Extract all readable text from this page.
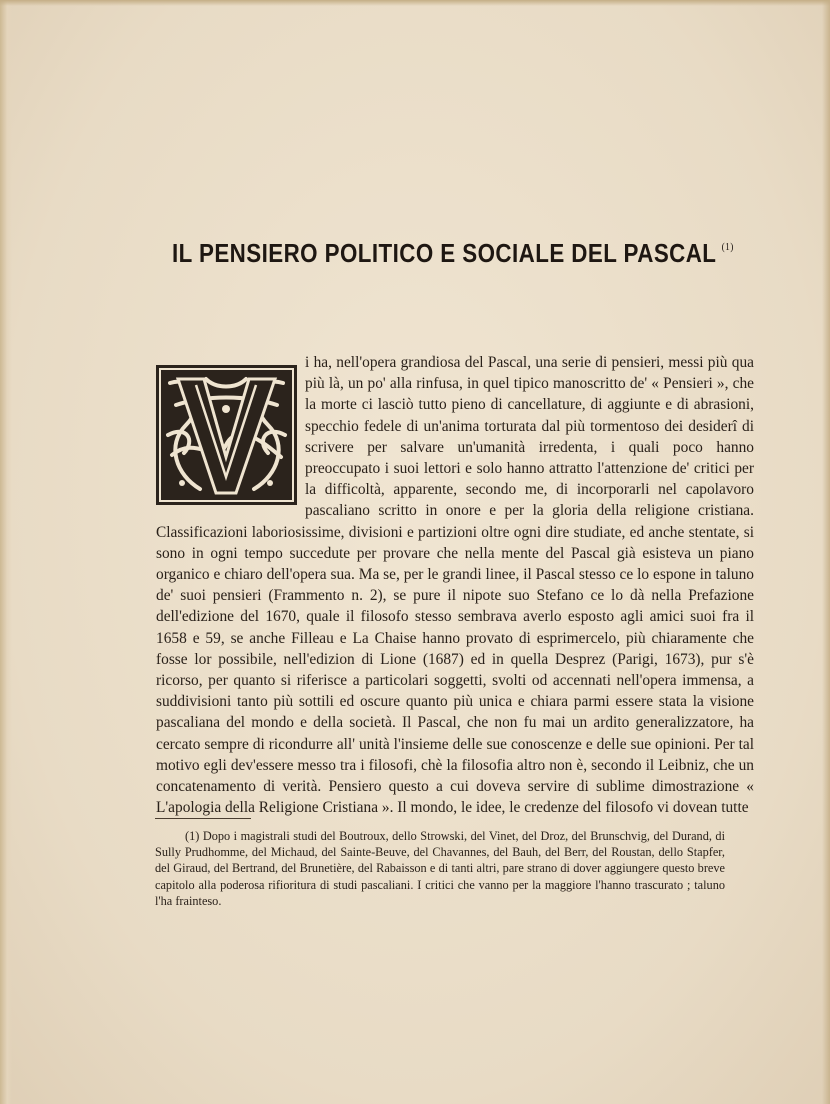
IL PENSIERO POLITICO E SOCIALE DEL PASCAL $^{(1)}$
i ha, nell'opera grandiosa del Pascal, una serie di pensieri, messi più qua più là, un po' alla rinfusa, in quel tipico manoscritto de' « Pensieri », che la morte ci lasciò tutto pieno di cancellature, di aggiunte e di abrasioni, specchio fedele di un'anima torturata dal più tormentoso dei desiderî di scrivere per salvare un'umanità irredenta, i quali poco hanno preoccupato i suoi lettori e solo hanno attratto l'attenzione de' critici per la difficoltà, apparente, secondo me, di incorporarli nel capolavoro pascaliano scritto in onore e per la gloria della religione cristiana. Classificazioni laboriosissime, divisioni e partizioni oltre ogni dire studiate, ed anche stentate, si sono in ogni tempo succedute per provare che nella mente del Pascal già esisteva un piano organico e chiaro dell'opera sua. Ma se, per le grandi linee, il Pascal stesso ce lo espone in taluno de' suoi pensieri (Frammento n. 2), se pure il nipote suo Stefano ce lo dà nella Prefazione dell'edizione del 1670, quale il filosofo stesso sembrava averlo esposto agli amici suoi fra il 1658 e 59, se anche Filleau e La Chaise hanno provato di esprimercelo, più chiaramente che fosse lor possibile, nell'edizion di Lione (1687) ed in quella Desprez (Parigi, 1673), pur s'è ricorso, per quanto si riferisce a particolari soggetti, svolti od accennati nell'opera immensa, a suddivisioni tanto più sottili ed oscure quanto più unica e chiara parmi essere stata la visione pascaliana del mondo e della società. Il Pascal, che non fu mai un ardito generalizzatore, ha cercato sempre di ricondurre all' unità l'insieme delle sue conoscenze e delle sue opinioni. Per tal motivo egli dev'essere messo tra i filosofi, chè la filosofia altro non è, secondo il Leibniz, che un concatenamento di verità. Pensiero questo a cui doveva servire di sublime dimostrazione « L'apologia della Religione Cristiana ». Il mondo, le idee, le credenze del filosofo vi dovean tutte
(1) Dopo i magistrali studi del Boutroux, dello Strowski, del Vinet, del Droz, del Brunschvig, del Durand, di Sully Prudhomme, del Michaud, del Sainte-Beuve, del Chavannes, del Bauh, del Berr, del Roustan, dello Stapfer, del Giraud, del Bertrand, del Brunetière, del Rabaisson e di tanti altri, pare strano di dover aggiungere questo breve capitolo alla poderosa rifioritura di studi pascaliani. I critici che vanno per la maggiore l'hanno trascurato ; taluno l'ha frainteso.
